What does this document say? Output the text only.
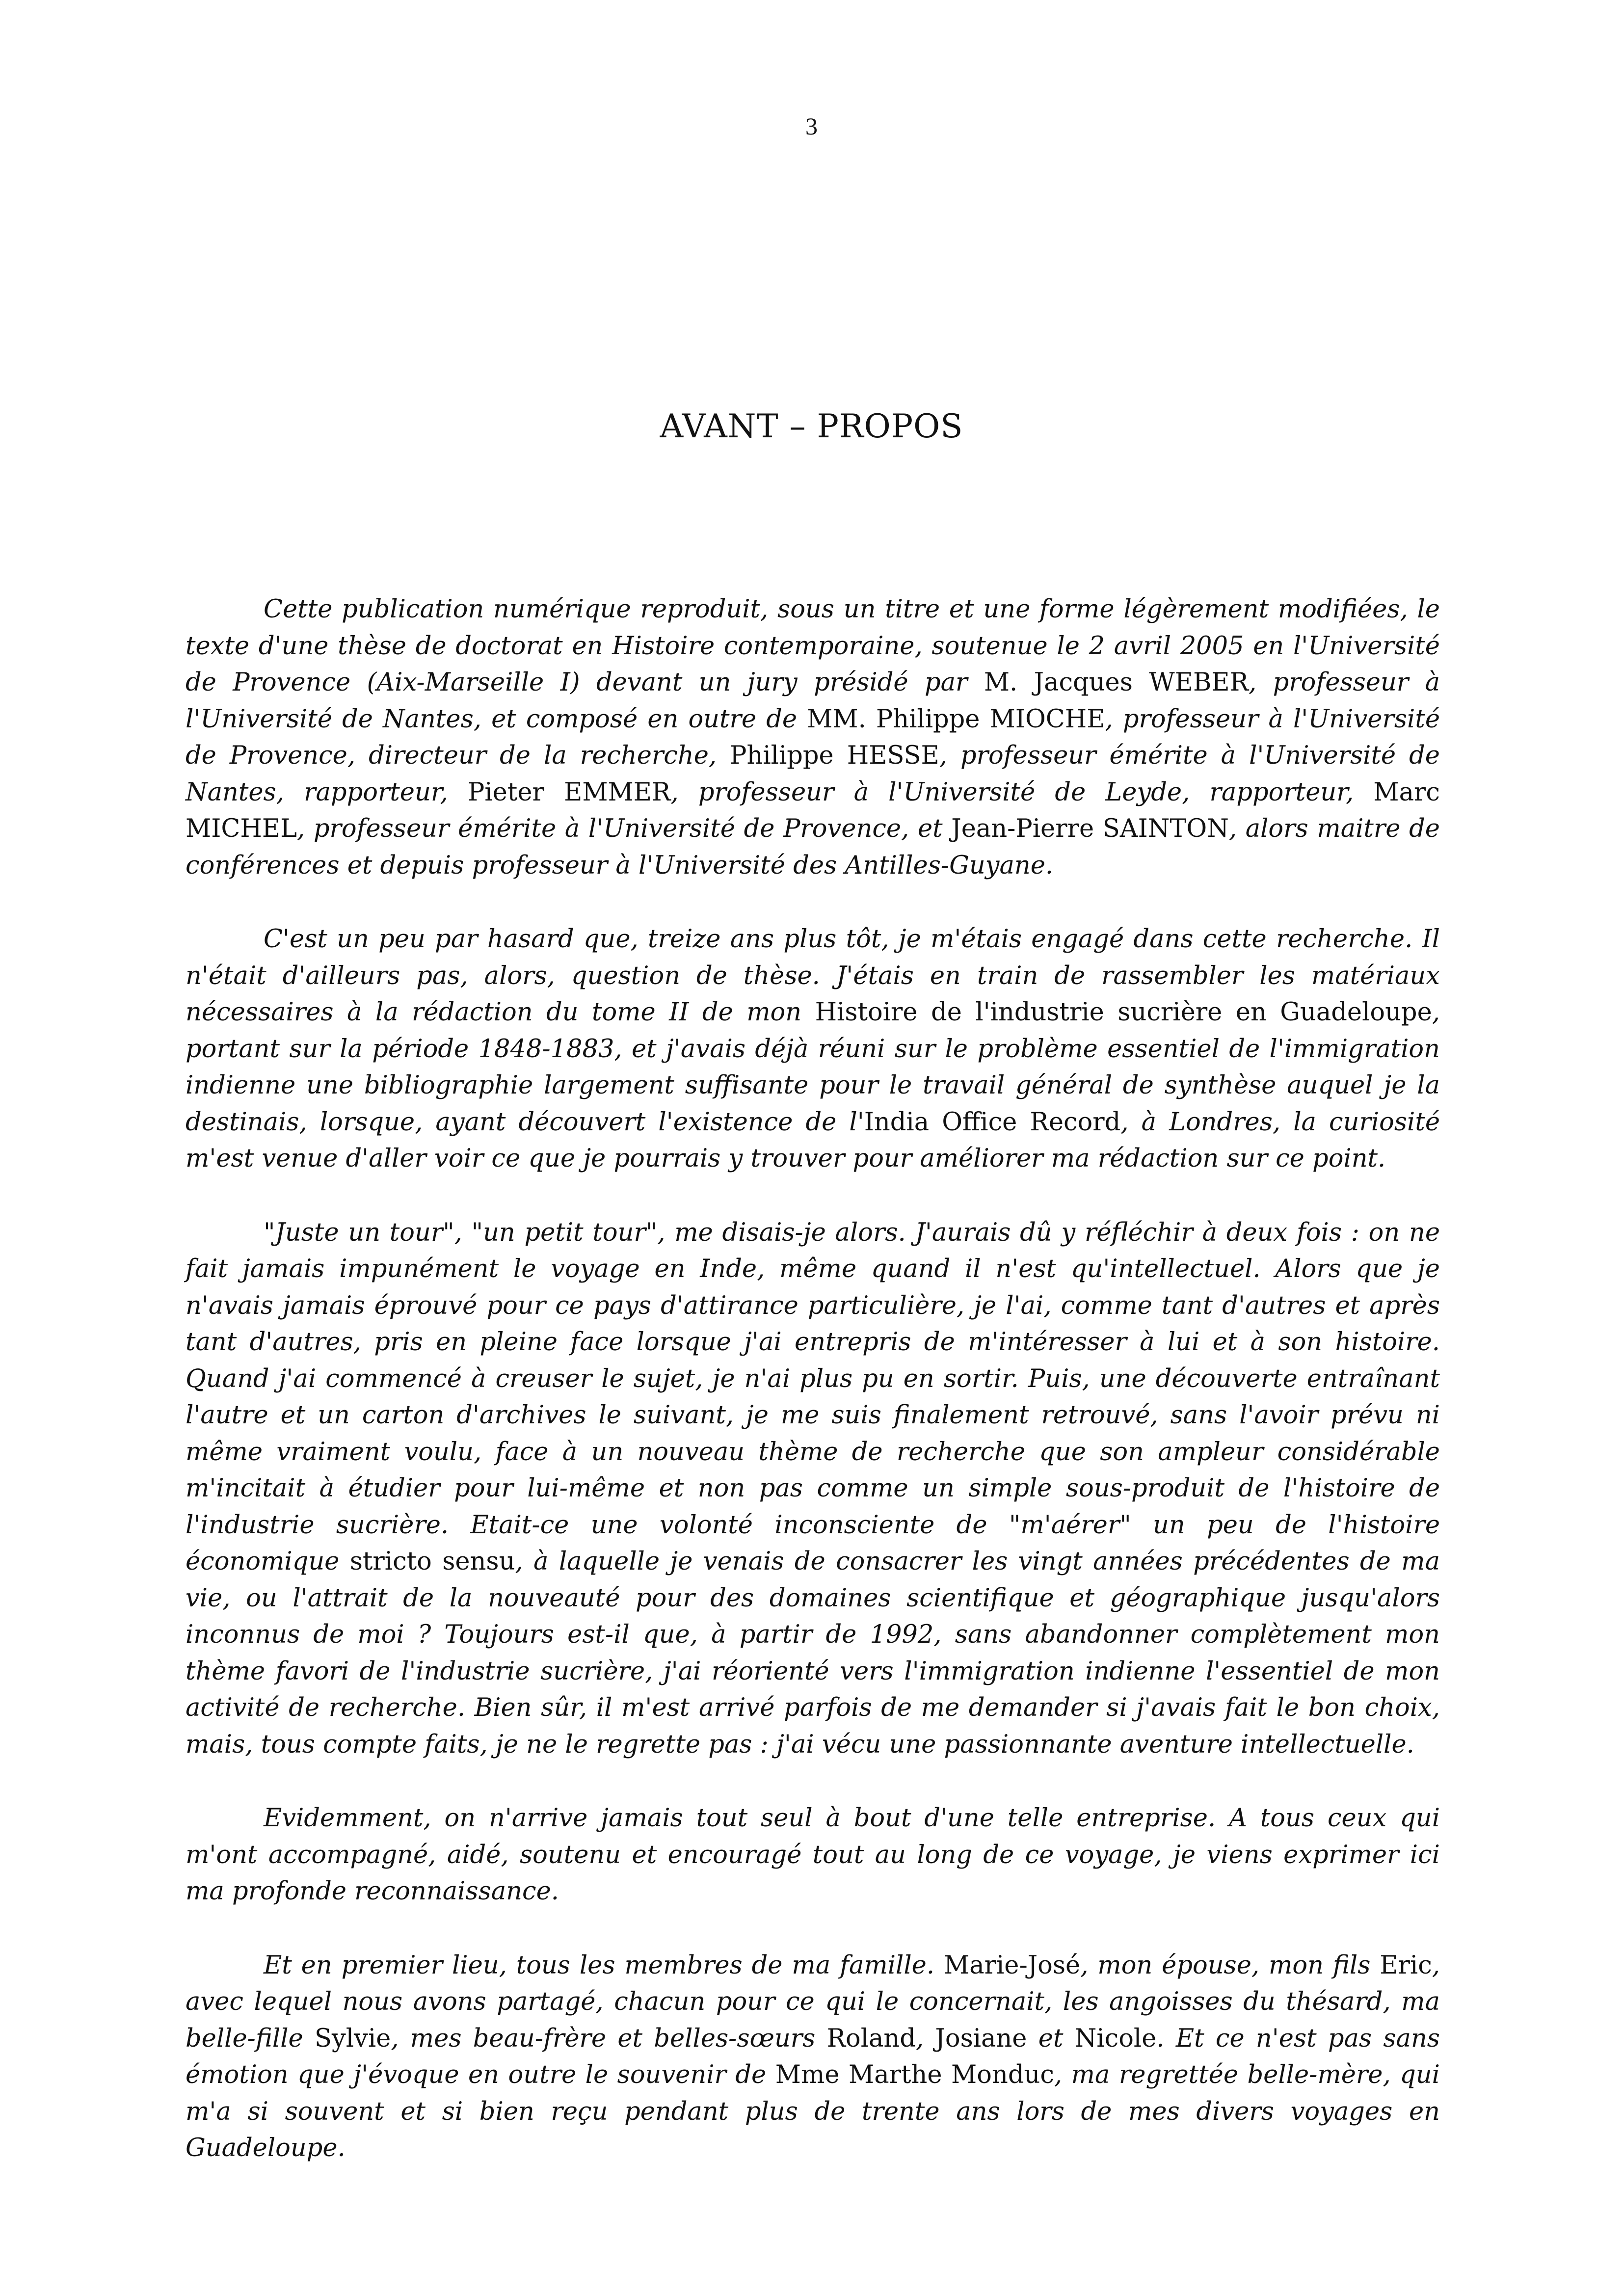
3
AVANT – PROPOS

Cette publication numérique reproduit, sous un titre et une forme légèrement modifiées, le texte d'une thèse de doctorat en Histoire contemporaine, soutenue le 2 avril 2005 en l'Université de Provence (Aix-Marseille I) devant un jury présidé par M. Jacques WEBER, professeur à l'Université de Nantes, et composé en outre de MM. Philippe MIOCHE, professeur à l'Université de Provence, directeur de la recherche, Philippe HESSE, professeur émérite à l'Université de Nantes, rapporteur, Pieter EMMER, professeur à l'Université de Leyde, rapporteur, Marc MICHEL, professeur émérite à l'Université de Provence, et Jean-Pierre SAINTON, alors maitre de conférences et depuis professeur à l'Université des Antilles-Guyane.

C'est un peu par hasard que, treize ans plus tôt, je m'étais engagé dans cette recherche. Il n'était d'ailleurs pas, alors, question de thèse. J'étais en train de rassembler les matériaux nécessaires à la rédaction du tome II de mon Histoire de l'industrie sucrière en Guadeloupe, portant sur la période 1848-1883, et j'avais déjà réuni sur le problème essentiel de l'immigration indienne une bibliographie largement suffisante pour le travail général de synthèse auquel je la destinais, lorsque, ayant découvert l'existence de l'India Office Record, à Londres, la curiosité m'est venue d'aller voir ce que je pourrais y trouver pour améliorer ma rédaction sur ce point.

"Juste un tour", "un petit tour", me disais-je alors. J'aurais dû y réfléchir à deux fois : on ne fait jamais impunément le voyage en Inde, même quand il n'est qu'intellectuel. Alors que je n'avais jamais éprouvé pour ce pays d'attirance particulière, je l'ai, comme tant d'autres et après tant d'autres, pris en pleine face lorsque j'ai entrepris de m'intéresser à lui et à son histoire. Quand j'ai commencé à creuser le sujet, je n'ai plus pu en sortir. Puis, une découverte entraînant l'autre et un carton d'archives le suivant, je me suis finalement retrouvé, sans l'avoir prévu ni même vraiment voulu, face à un nouveau thème de recherche que son ampleur considérable m'incitait à étudier pour lui-même et non pas comme un simple sous-produit de l'histoire de l'industrie sucrière. Etait-ce une volonté inconsciente de "m'aérer" un peu de l'histoire économique stricto sensu, à laquelle je venais de consacrer les vingt années précédentes de ma vie, ou l'attrait de la nouveauté pour des domaines scientifique et géographique jusqu'alors inconnus de moi ? Toujours est-il que, à partir de 1992, sans abandonner complètement mon thème favori de l'industrie sucrière, j'ai réorienté vers l'immigration indienne l'essentiel de mon activité de recherche. Bien sûr, il m'est arrivé parfois de me demander si j'avais fait le bon choix, mais, tous compte faits, je ne le regrette pas : j'ai vécu une passionnante aventure intellectuelle.

Evidemment, on n'arrive jamais tout seul à bout d'une telle entreprise. A tous ceux qui m'ont accompagné, aidé, soutenu et encouragé tout au long de ce voyage, je viens exprimer ici ma profonde reconnaissance.

Et en premier lieu, tous les membres de ma famille. Marie-José, mon épouse, mon fils Eric, avec lequel nous avons partagé, chacun pour ce qui le concernait, les angoisses du thésard, ma belle-fille Sylvie, mes beau-frère et belles-sœurs Roland, Josiane et Nicole. Et ce n'est pas sans émotion que j'évoque en outre le souvenir de Mme Marthe Monduc, ma regrettée belle-mère, qui m'a si souvent et si bien reçu pendant plus de trente ans lors de mes divers voyages en Guadeloupe.
